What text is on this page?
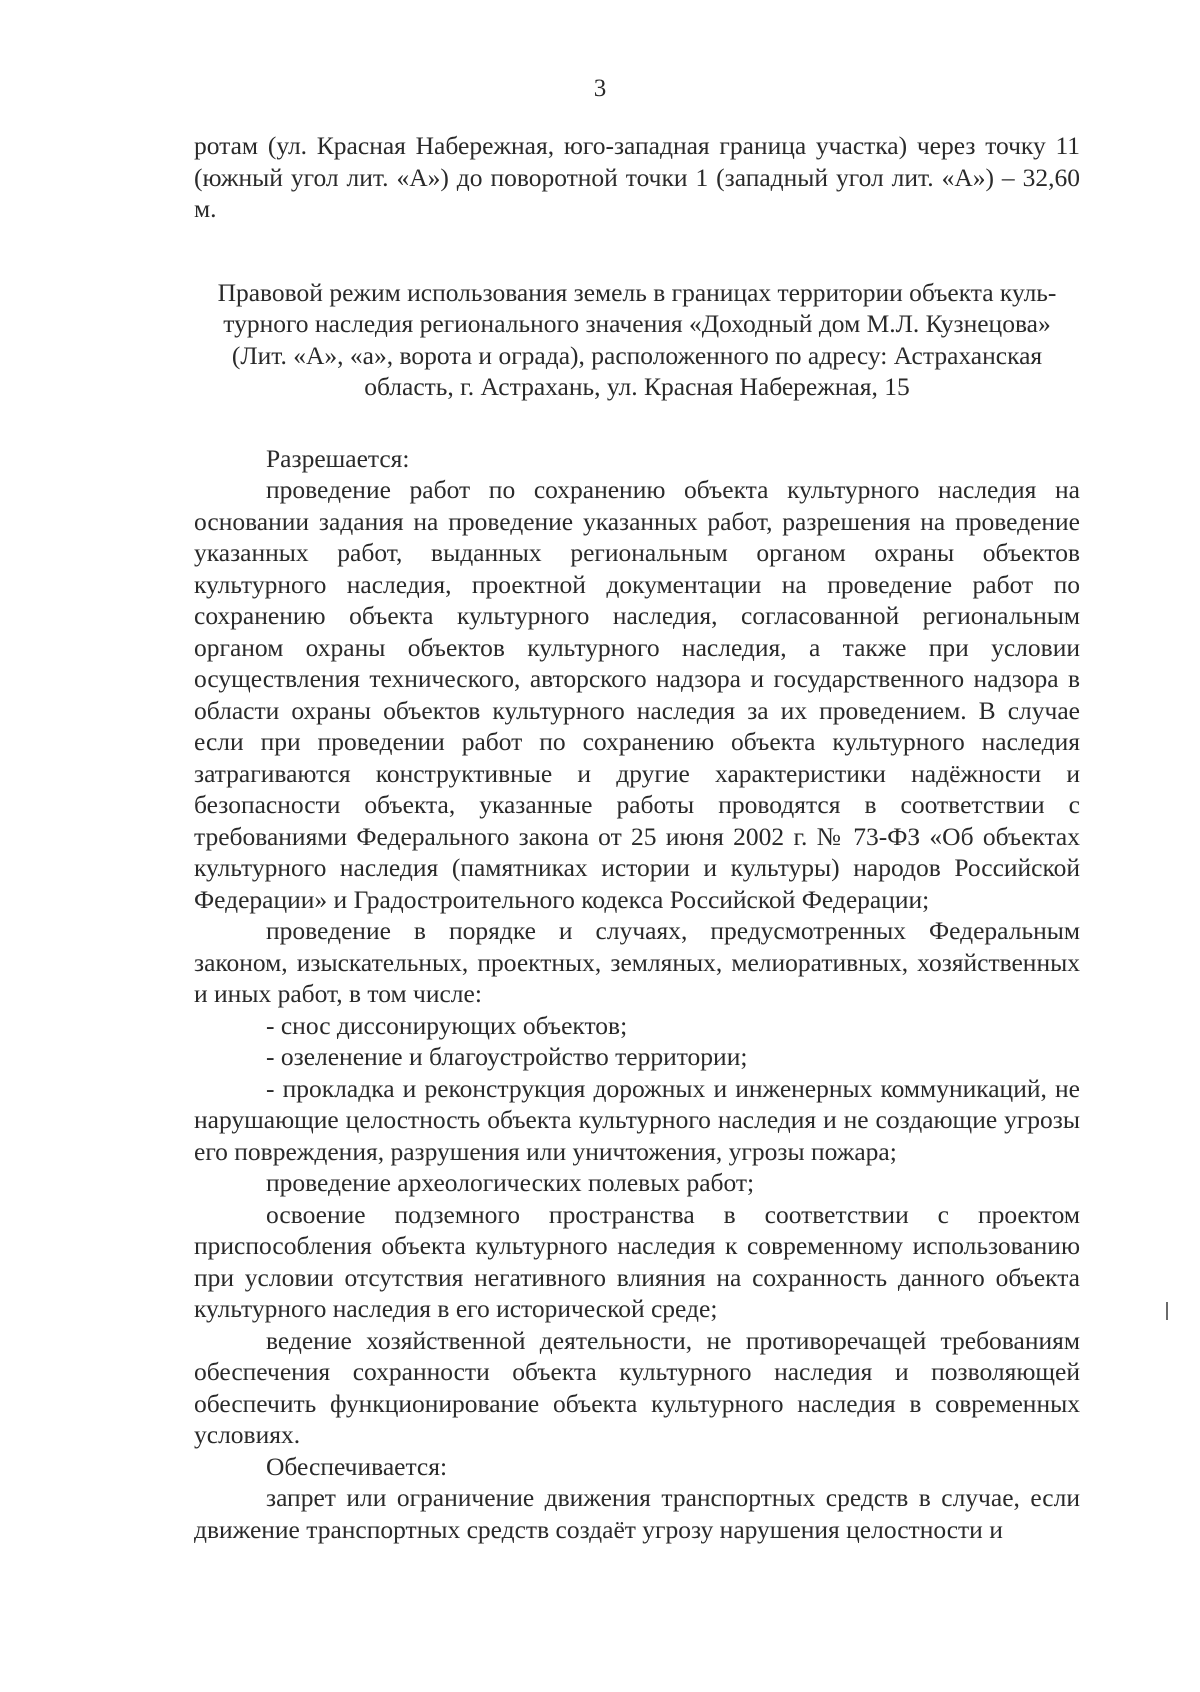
3

ротам (ул. Красная Набережная, юго-западная граница участка) через точку 11 (южный угол лит. «А») до поворотной точки 1 (западный угол лит. «А») – 32,60 м.

Правовой режим использования земель в границах территории объекта куль-
турного наследия регионального значения «Доходный дом М.Л. Кузнецова»
(Лит. «А», «а», ворота и ограда), расположенного по адресу: Астраханская
область, г. Астрахань, ул. Красная Набережная, 15

Разрешается:

проведение работ по сохранению объекта культурного наследия на основании задания на проведение указанных работ, разрешения на проведение указанных работ, выданных региональным органом охраны объектов культурного наследия, проектной документации на проведение работ по сохранению объекта культурного наследия, согласованной региональным органом охраны объектов культурного наследия, а также при условии осуществления технического, авторского надзора и государственного надзора в области охраны объектов культурного наследия за их проведением. В случае если при проведении работ по сохранению объекта культурного наследия затрагиваются конструктивные и другие характеристики надёжности и безопасности объекта, указанные работы проводятся в соответствии с требованиями Федерального закона от 25 июня 2002 г. № 73-ФЗ «Об объектах культурного наследия (памятниках истории и культуры) народов Российской Федерации» и Градостроительного кодекса Российской Федерации;

проведение в порядке и случаях, предусмотренных Федеральным законом, изыскательных, проектных, земляных, мелиоративных, хозяйственных и иных работ, в том числе:

- снос диссонирующих объектов;

- озеленение и благоустройство территории;

- прокладка и реконструкция дорожных и инженерных коммуникаций, не нарушающие целостность объекта культурного наследия и не создающие угрозы его повреждения, разрушения или уничтожения, угрозы пожара;

проведение археологических полевых работ;

освоение подземного пространства в соответствии с проектом приспособления объекта культурного наследия к современному использованию при условии отсутствия негативного влияния на сохранность данного объекта культурного наследия в его исторической среде;

ведение хозяйственной деятельности, не противоречащей требованиям обеспечения сохранности объекта культурного наследия и позволяющей обеспечить функционирование объекта культурного наследия в современных условиях.

Обеспечивается:

запрет или ограничение движения транспортных средств в случае, если движение транспортных средств создаёт угрозу нарушения целостности и
